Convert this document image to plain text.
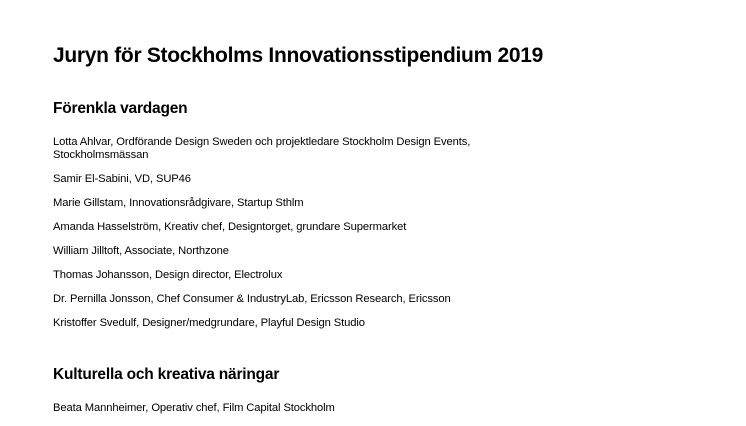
Juryn för Stockholms Innovationsstipendium 2019
Förenkla vardagen
Lotta Ahlvar, Ordförande Design Sweden och projektledare Stockholm Design Events, Stockholmsmässan
Samir El-Sabini, VD, SUP46
Marie Gillstam, Innovationsrådgivare, Startup Sthlm
Amanda Hasselström, Kreativ chef, Designtorget, grundare Supermarket
William Jilltoft, Associate, Northzone
Thomas Johansson, Design director, Electrolux
Dr. Pernilla Jonsson, Chef Consumer & IndustryLab, Ericsson Research, Ericsson
Kristoffer Svedulf, Designer/medgrundare, Playful Design Studio
Kulturella och kreativa näringar
Beata Mannheimer, Operativ chef, Film Capital Stockholm
